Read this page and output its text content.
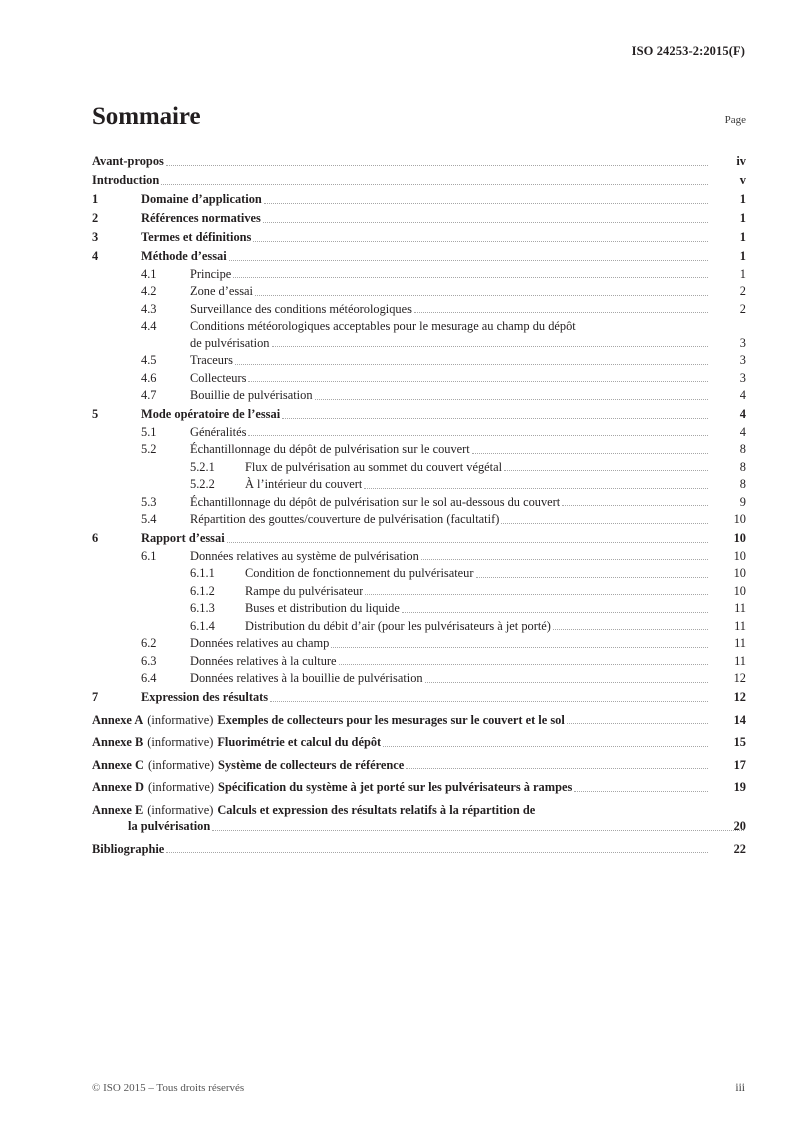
ISO 24253-2:2015(F)
Sommaire	Page
Avant-propos	iv
Introduction	v
1	Domaine d’application	1
2	Références normatives	1
3	Termes et définitions	1
4	Méthode d’essai	1
4.1	Principe	1
4.2	Zone d’essai	2
4.3	Surveillance des conditions météorologiques	2
4.4	Conditions météorologiques acceptables pour le mesurage au champ du dépôt
de pulvérisation	3
4.5	Traceurs	3
4.6	Collecteurs	3
4.7	Bouillie de pulvérisation	4
5	Mode opératoire de l’essai	4
5.1	Généralités	4
5.2	Échantillonnage du dépôt de pulvérisation sur le couvert	8
5.2.1	Flux de pulvérisation au sommet du couvert végétal	8
5.2.2	À l’intérieur du couvert	8
5.3	Échantillonnage du dépôt de pulvérisation sur le sol au-dessous du couvert	9
5.4	Répartition des gouttes/couverture de pulvérisation (facultatif)	10
6	Rapport d’essai	10
6.1	Données relatives au système de pulvérisation	10
6.1.1	Condition de fonctionnement du pulvérisateur	10
6.1.2	Rampe du pulvérisateur	10
6.1.3	Buses et distribution du liquide	11
6.1.4	Distribution du débit d’air (pour les pulvérisateurs à jet porté)	11
6.2	Données relatives au champ	11
6.3	Données relatives à la culture	11
6.4	Données relatives à la bouillie de pulvérisation	12
7	Expression des résultats	12
Annexe A (informative) Exemples de collecteurs pour les mesurages sur le couvert et le sol	14
Annexe B (informative) Fluorimétrie et calcul du dépôt	15
Annexe C (informative) Système de collecteurs de référence	17
Annexe D (informative) Spécification du système à jet porté sur les pulvérisateurs à rampes	19
Annexe E (informative) Calculs et expression des résultats relatifs à la répartition de
la pulvérisation	20
Bibliographie	22
© ISO 2015 – Tous droits réservés	iii
